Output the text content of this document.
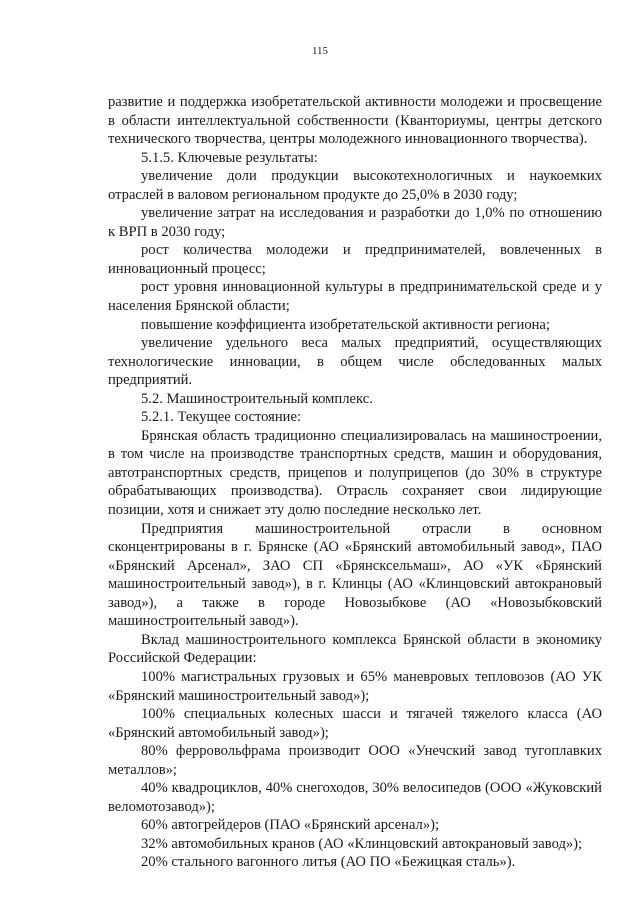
115

развитие и поддержка изобретательской активности молодежи и просвещение в области интеллектуальной собственности (Кванториумы, центры детского технического творчества, центры молодежного инновационного творчества).

5.1.5. Ключевые результаты:

увеличение доли продукции высокотехнологичных и наукоемких отраслей в валовом региональном продукте до 25,0% в 2030 году;

увеличение затрат на исследования и разработки до 1,0% по отношению к ВРП в 2030 году;

рост количества молодежи и предпринимателей, вовлеченных в инновационный процесс;

рост уровня инновационной культуры в предпринимательской среде и у населения Брянской области;

повышение коэффициента изобретательской активности региона;

увеличение удельного веса малых предприятий, осуществляющих технологические инновации, в общем числе обследованных малых предприятий.

5.2. Машиностроительный комплекс.

5.2.1. Текущее состояние:

Брянская область традиционно специализировалась на машиностроении, в том числе на производстве транспортных средств, машин и оборудования, автотранспортных средств, прицепов и полуприцепов (до 30% в структуре обрабатывающих производства). Отрасль сохраняет свои лидирующие позиции, хотя и снижает эту долю последние несколько лет.

Предприятия машиностроительной отрасли в основном сконцентрированы в г. Брянске (АО «Брянский автомобильный завод», ПАО «Брянский Арсенал», ЗАО СП «Брянсксельмаш», АО «УК «Брянский машиностроительный завод»), в г. Клинцы (АО «Клинцовский автокрановый завод»), а также в городе Новозыбкове (АО «Новозыбковский машиностроительный завод»).

Вклад машиностроительного комплекса Брянской области в экономику Российской Федерации:

100% магистральных грузовых и 65% маневровых тепловозов (АО УК «Брянский машиностроительный завод»);

100% специальных колесных шасси и тягачей тяжелого класса (АО «Брянский автомобильный завод»);

80% ферровольфрама производит ООО «Унечский завод тугоплавких металлов»;

40% квадроциклов, 40% снегоходов, 30% велосипедов (ООО «Жуковский веломотозавод»);

60% автогрейдеров (ПАО «Брянский арсенал»);

32% автомобильных кранов (АО «Клинцовский автокрановый завод»);

20% стального вагонного литья (АО ПО «Бежицкая сталь»).
